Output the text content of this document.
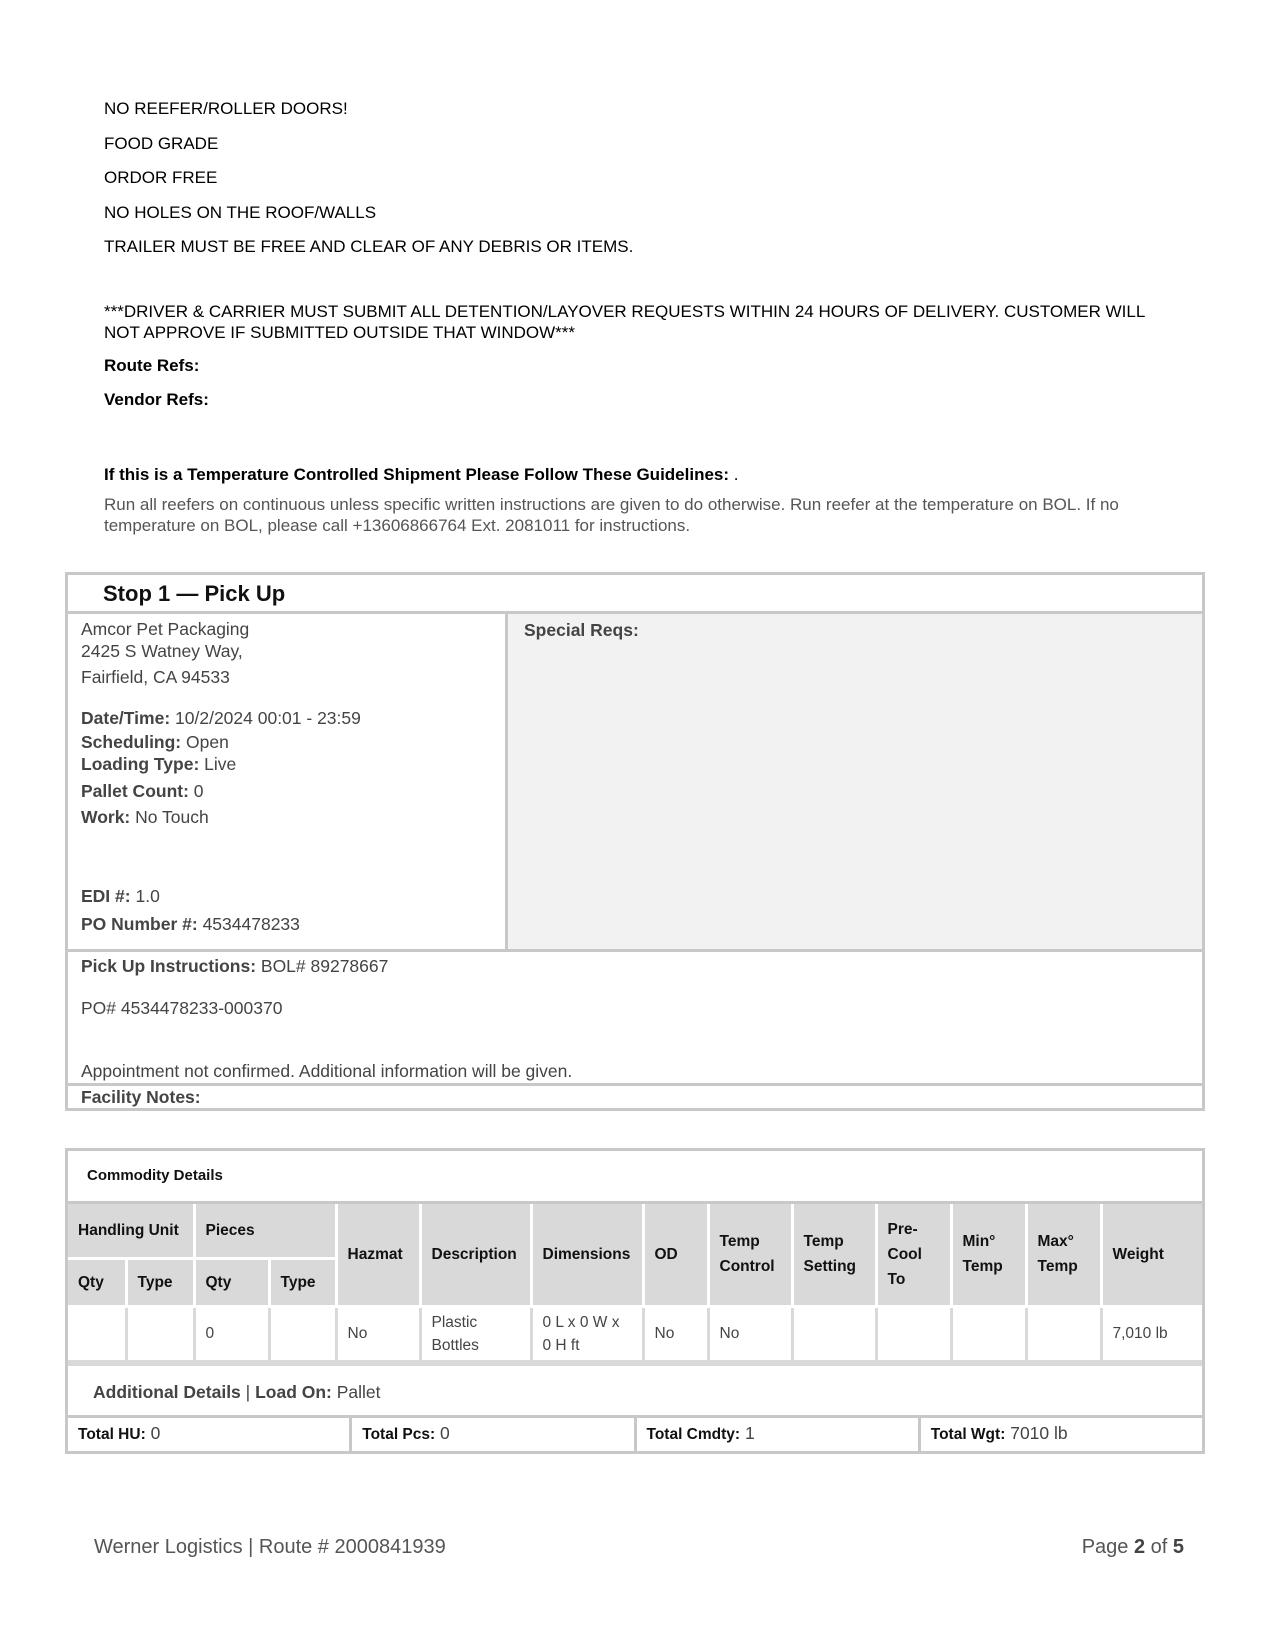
NO REEFER/ROLLER DOORS!

FOOD GRADE

ORDOR FREE

NO HOLES ON THE ROOF/WALLS

TRAILER MUST BE FREE AND CLEAR OF ANY DEBRIS OR ITEMS.

***DRIVER & CARRIER MUST SUBMIT ALL DETENTION/LAYOVER REQUESTS WITHIN 24 HOURS OF DELIVERY. CUSTOMER WILL NOT APPROVE IF SUBMITTED OUTSIDE THAT WINDOW***

Route Refs:

Vendor Refs:

If this is a Temperature Controlled Shipment Please Follow These Guidelines: .

Run all reefers on continuous unless specific written instructions are given to do otherwise. Run reefer at the temperature on BOL. If no temperature on BOL, please call +13606866764 Ext. 2081011 for instructions.

Stop 1 — Pick Up
Amcor Pet Packaging
2425 S Watney Way,
Fairfield, CA 94533
Date/Time: 10/2/2024 00:01 - 23:59
Scheduling: Open
Loading Type: Live
Pallet Count: 0
Work: No Touch
EDI #: 1.0
PO Number #: 4534478233
Special Reqs:
Pick Up Instructions: BOL# 89278667
PO# 4534478233-000370
Appointment not confirmed. Additional information will be given.
Facility Notes:
Commodity Details
Handling Unit		Pieces		Hazmat	Description	Dimensions	OD	Temp Control	Temp Setting	Pre-Cool To	Min° Temp	Max° Temp	Weight
Qty	Type	Qty	Type										
		0		No	Plastic Bottles	0 L x 0 W x 0 H ft	No	No					7,010 lb
Additional Details | Load On: Pallet
Total HU: 0	Total Pcs: 0	Total Cmdty: 1	Total Wgt: 7010 lb
Werner Logistics | Route # 2000841939	Page 2 of 5
